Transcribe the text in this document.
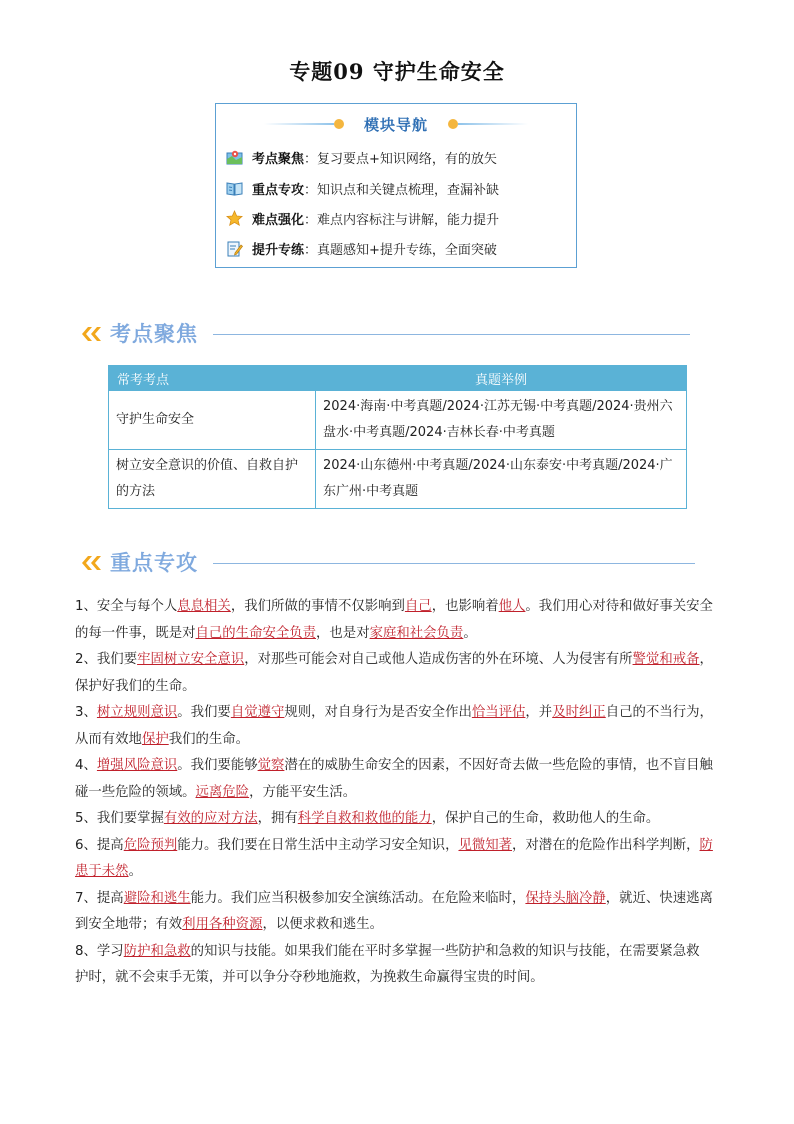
专题09 守护生命安全
模块导航
考点聚焦 ：复习要点+知识网络，有的放矢
重点专攻 ：知识点和关键点梳理，查漏补缺
难点强化 ：难点内容标注与讲解，能力提升
提升专练 ：真题感知+提升专练，全面突破
考点聚焦
常考考点	真题举例
守护生命安全	2024·海南·中考真题/2024·江苏无锡·中考真题/2024·贵州六盘水·中考真题/2024·吉林长春·中考真题
树立安全意识的价值、自救自护的方法	2024·山东德州·中考真题/2024·山东泰安·中考真题/2024·广东广州·中考真题
重点专攻

1、安全与每个人息息相关，我们所做的事情不仅影响到自己，也影响着他人。我们用心对待和做好事关安全的每一件事，既是对自己的生命安全负责，也是对家庭和社会负责。

2、我们要牢固树立安全意识，对那些可能会对自己或他人造成伤害的外在环境、人为侵害有所警觉和戒备，保护好我们的生命。

3、树立规则意识。我们要自觉遵守规则，对自身行为是否安全作出恰当评估，并及时纠正自己的不当行为，从而有效地保护我们的生命。

4、增强风险意识。我们要能够觉察潜在的威胁生命安全的因素，不因好奇去做一些危险的事情，也不盲目触碰一些危险的领域。远离危险，方能平安生活。

5、我们要掌握有效的应对方法，拥有科学自救和救他的能力，保护自己的生命，救助他人的生命。

6、提高危险预判能力。我们要在日常生活中主动学习安全知识，见微知著，对潜在的危险作出科学判断，防患于未然。

7、提高避险和逃生能力。我们应当积极参加安全演练活动。在危险来临时，保持头脑冷静，就近、快速逃离到安全地带；有效利用各种资源，以便求救和逃生。

8、学习防护和急救的知识与技能。如果我们能在平时多掌握一些防护和急救的知识与技能，在需要紧急救

护时，就不会束手无策，并可以争分夺秒地施救，为挽救生命赢得宝贵的时间。
